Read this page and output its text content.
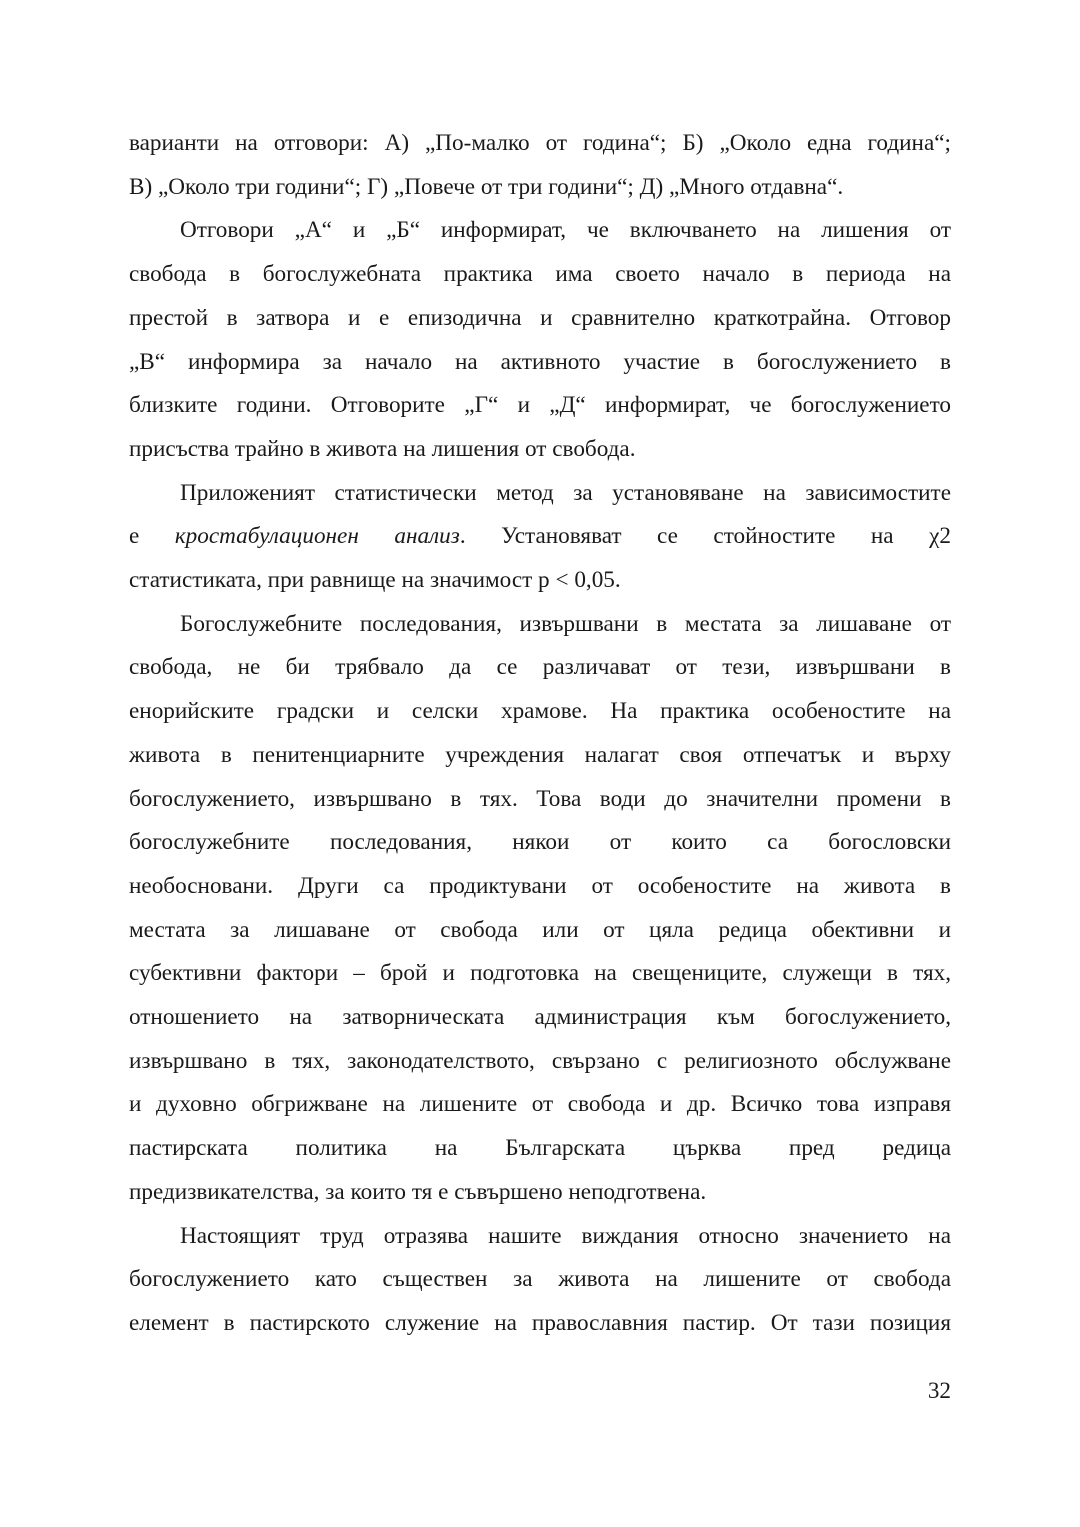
варианти на отговори: А) „По-малко от година“; Б) „Около една година“;
В) „Около три години“; Г) „Повече от три години“; Д) „Много отдавна“.
Отговори „А“ и „Б“ информират, че включването на лишения от
свобода в богослужебната практика има своето начало в периода на
престой в затвора и е епизодична и сравнително краткотрайна. Отговор
„В“ информира за начало на активното участие в богослужението в
близките години. Отговорите „Г“ и „Д“ информират, че богослужението
присъства трайно в живота на лишения от свобода.
Приложеният статистически метод за установяване на зависимостите
е кростабулационен анализ. Установяват се стойностите на χ2
статистиката, при равнище на значимост p < 0,05.
Богослужебните последования, извършвани в местата за лишаване от
свобода, не би трябвало да се различават от тези, извършвани в
енорийските градски и селски храмове. На практика особеностите на
живота в пенитенциарните учреждения налагат своя отпечатък и върху
богослужението, извършвано в тях. Това води до значителни промени в
богослужебните последования, някои от които са богословски
необосновани. Други са продиктувани от особеностите на живота в
местата за лишаване от свобода или от цяла редица обективни и
субективни фактори – брой и подготовка на свещениците, служещи в тях,
отношението на затворническата администрация към богослужението,
извършвано в тях, законодателството, свързано с религиозното обслужване
и духовно обгрижване на лишените от свобода и др. Всичко това изправя
пастирската политика на Българската църква пред редица
предизвикателства, за които тя е съвършено неподготвена.
Настоящият труд отразява нашите виждания относно значението на
богослужението като съществен за живота на лишените от свобода
елемент в пастирското служение на православния пастир. От тази позиция
32
